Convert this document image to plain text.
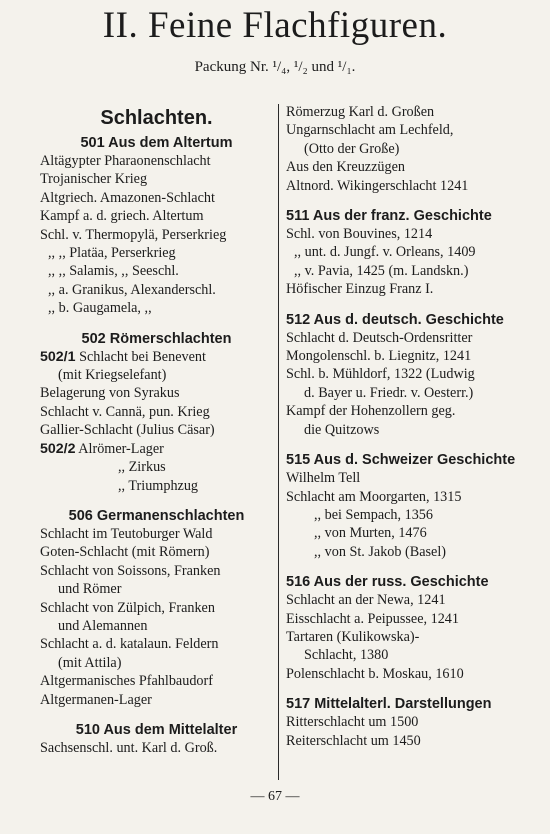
II. Feine Flachfiguren.
Packung Nr. ¹/₄, ¹/₂ und ¹/₁.
Schlachten.
501 Aus dem Altertum
Altägypter Pharaonenschlacht
Trojanischer Krieg
Altgriech. Amazonen-Schlacht
Kampf a. d. griech. Altertum
Schl. v. Thermopylä, Perserkrieg
,, ,, Platäa, Perserkrieg
,, ,, Salamis, ,, Seeschl.
,, a. Granikus, Alexanderschl.
,, b. Gaugamela, ,,
502 Römerschlachten
502/1 Schlacht bei Benevent
(mit Kriegselefant)
Belagerung von Syrakus
Schlacht v. Cannä, pun. Krieg
Gallier-Schlacht (Julius Cäsar)
502/2 Alrömer-Lager
,, Zirkus
,, Triumphzug
506 Germanenschlachten
Schlacht im Teutoburger Wald
Goten-Schlacht (mit Römern)
Schlacht von Soissons, Franken
und Römer
Schlacht von Zülpich, Franken
und Alemannen
Schlacht a. d. katalaun. Feldern
(mit Attila)
Altgermanisches Pfahlbaudorf
Altgermanen-Lager
510 Aus dem Mittelalter
Sachsenschl. unt. Karl d. Groß.
Römerzug Karl d. Großen
Ungarnschlacht am Lechfeld,
(Otto der Große)
Aus den Kreuzzügen
Altnord. Wikingerschlacht 1241
511 Aus der franz. Geschichte
Schl. von Bouvines, 1214
,, unt. d. Jungf. v. Orleans, 1409
,, v. Pavia, 1425 (m. Landskn.)
Höfischer Einzug Franz I.
512 Aus d. deutsch. Geschichte
Schlacht d. Deutsch-Ordensritter
Mongolenschl. b. Liegnitz, 1241
Schl. b. Mühldorf, 1322 (Ludwig
d. Bayer u. Friedr. v. Oesterr.)
Kampf der Hohenzollern geg.
die Quitzows
515 Aus d. Schweizer Geschichte
Wilhelm Tell
Schlacht am Moorgarten, 1315
,, bei Sempach, 1356
,, von Murten, 1476
,, von St. Jakob (Basel)
516 Aus der russ. Geschichte
Schlacht an der Newa, 1241
Eisschlacht a. Peipussee, 1241
Tartaren (Kulikowska)-
Schlacht, 1380
Polenschlacht b. Moskau, 1610
517 Mittelalterl. Darstellungen
Ritterschlacht um 1500
Reiterschlacht um 1450
— 67 —
